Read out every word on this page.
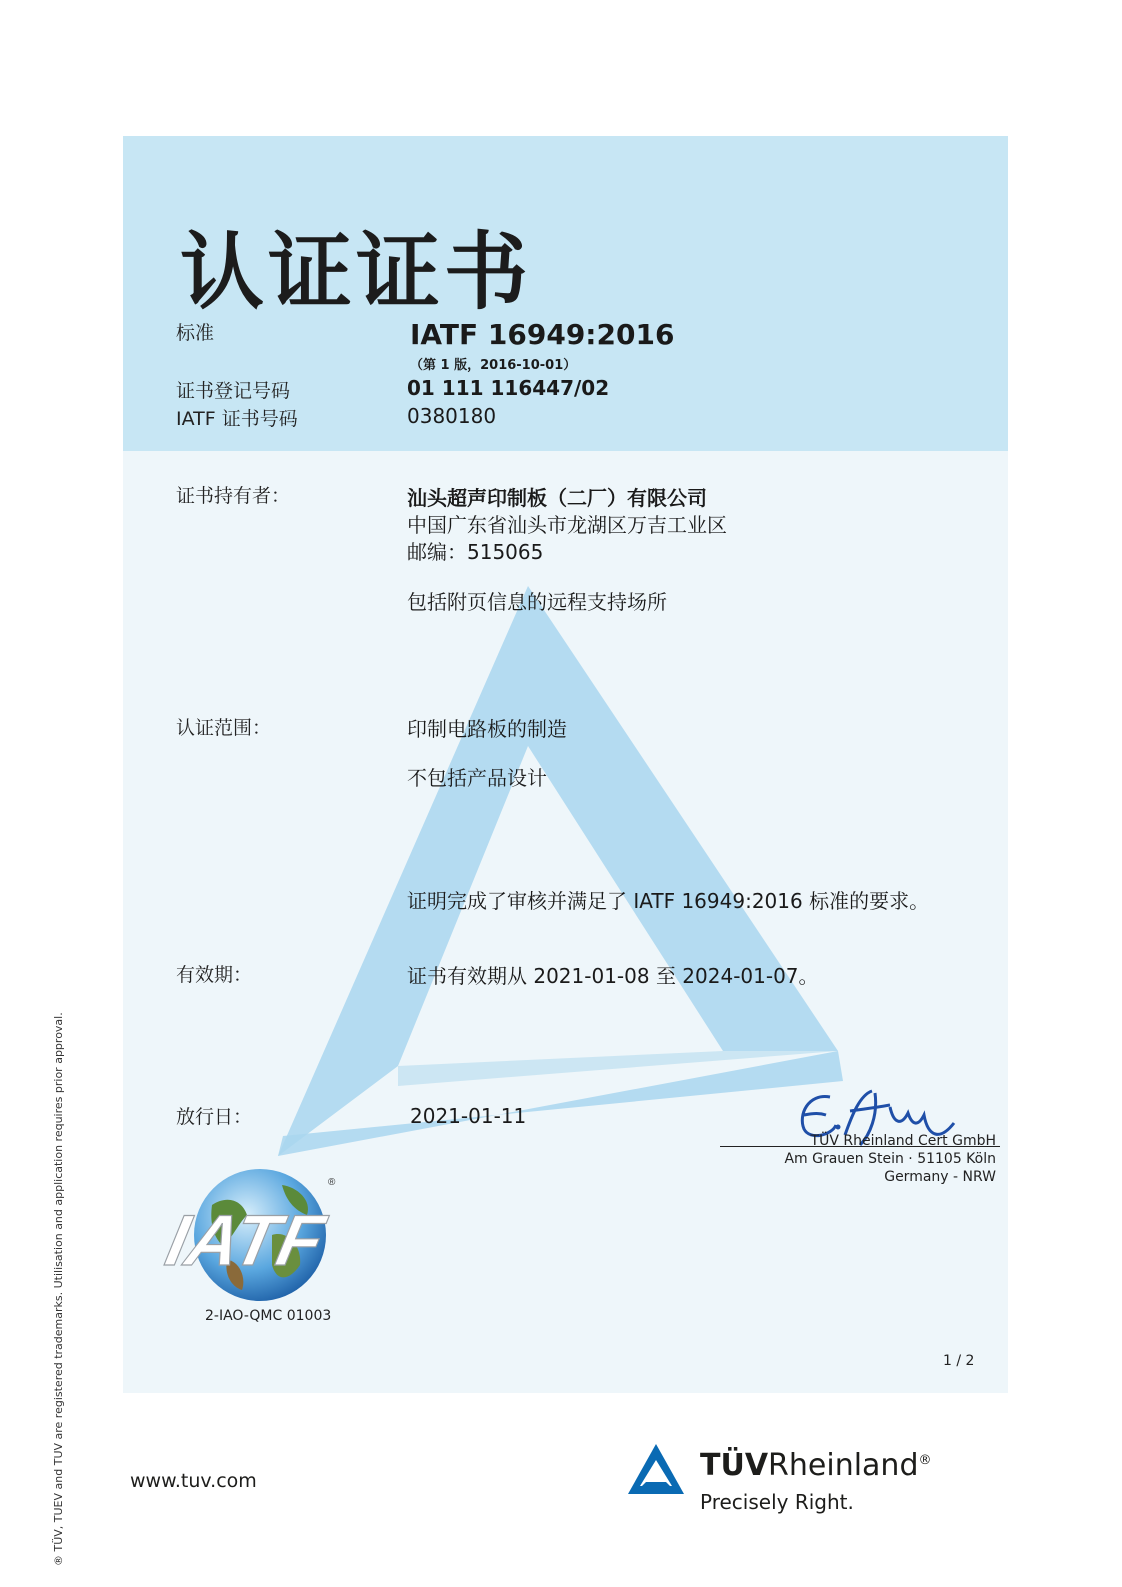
认证证书
标准	IATF 16949:2016
（第 1 版，2016-10-01）
证书登记号码	01 111 116447/02
IATF 证书号码	0380180
证书持有者：	汕头超声印制板（二厂）有限公司
中国广东省汕头市龙湖区万吉工业区
邮编：515065
包括附页信息的远程支持场所
认证范围：	印制电路板的制造
不包括产品设计
证明完成了审核并满足了 IATF 16949:2016 标准的要求。
有效期：	证书有效期从 2021-01-08 至 2024-01-07。
放行日：	2021-01-11
TÜV Rheinland Cert GmbH
Am Grauen Stein · 51105 Köln
Germany - NRW
IATF
®
2-IAO-QMC 01003
1 / 2
www.tuv.com	TÜVRheinland®
Precisely Right.
® TÜV, TUEV and TUV are registered trademarks. Utilisation and application requires prior approval.
